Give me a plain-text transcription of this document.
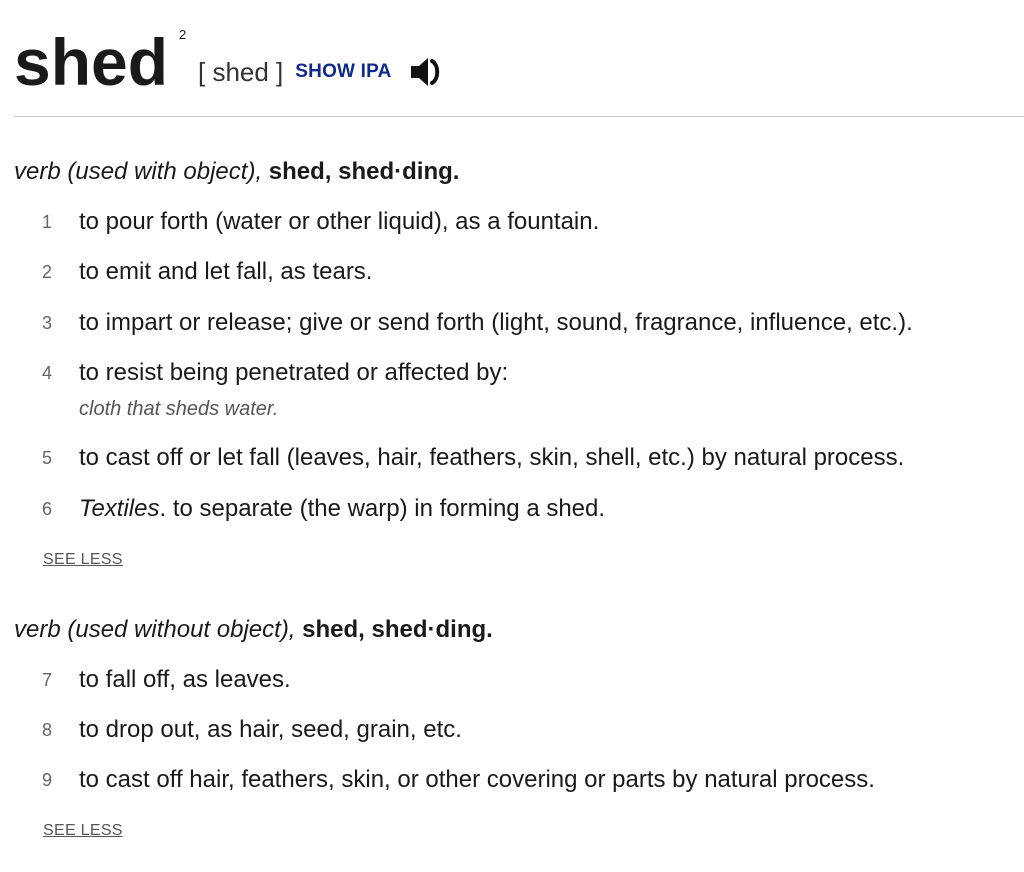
shed 2
[ shed ] SHOW IPA
verb (used with object), shed, shed·ding.
1 to pour forth (water or other liquid), as a fountain.
2 to emit and let fall, as tears.
3 to impart or release; give or send forth (light, sound, fragrance, influence, etc.).
4 to resist being penetrated or affected by:
cloth that sheds water.
5 to cast off or let fall (leaves, hair, feathers, skin, shell, etc.) by natural process.
6 Textiles. to separate (the warp) in forming a shed.
SEE LESS
verb (used without object), shed, shed·ding.
7 to fall off, as leaves.
8 to drop out, as hair, seed, grain, etc.
9 to cast off hair, feathers, skin, or other covering or parts by natural process.
SEE LESS
